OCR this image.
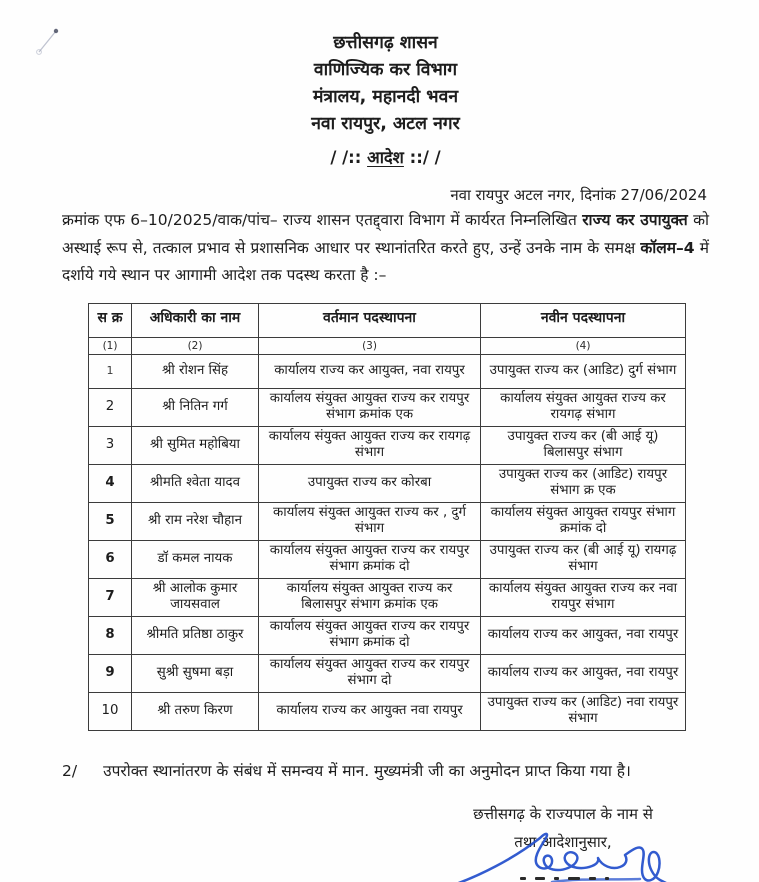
छत्तीसगढ़ शासन
वाणिज्यिक कर विभाग
मंत्रालय, महानदी भवन
नवा रायपुर, अटल नगर
/ /:: आदेश ::/ /
नवा रायपुर अटल नगर, दिनांक 27/06/2024
क्रमांक एफ 6–10/2025/वाक/पांच– राज्य शासन एतद्द्वारा विभाग में कार्यरत निम्नलिखित राज्य कर उपायुक्त को अस्थाई रूप से, तत्काल प्रभाव से प्रशासनिक आधार पर स्थानांतरित करते हुए, उन्हें उनके नाम के समक्ष कॉलम–4 में दर्शाये गये स्थान पर आगामी आदेश तक पदस्थ करता है :–
स क्र	अधिकारी का नाम	वर्तमान पदस्थापना	नवीन पदस्थापना
(1)	(2)	(3)	(4)
1	श्री रोशन सिंह	कार्यालय राज्य कर आयुक्त, नवा रायपुर	उपायुक्त राज्य कर (आडिट) दुर्ग संभाग
2	श्री नितिन गर्ग	कार्यालय संयुक्त आयुक्त राज्य कर रायपुर संभाग क्रमांक एक	कार्यालय संयुक्त आयुक्त राज्य कर रायगढ़ संभाग
3	श्री सुमित महोबिया	कार्यालय संयुक्त आयुक्त राज्य कर रायगढ़ संभाग	उपायुक्त राज्य कर (बी आई यू) बिलासपुर संभाग
4	श्रीमति श्वेता यादव	उपायुक्त राज्य कर कोरबा	उपायुक्त राज्य कर (आडिट) रायपुर संभाग क्र एक
5	श्री राम नरेश चौहान	कार्यालय संयुक्त आयुक्त राज्य कर , दुर्ग संभाग	कार्यालय संयुक्त आयुक्त रायपुर संभाग क्रमांक दो
6	डॉ कमल नायक	कार्यालय संयुक्त आयुक्त राज्य कर रायपुर संभाग क्रमांक दो	उपायुक्त राज्य कर (बी आई यू) रायगढ़ संभाग
7	श्री आलोक कुमार जायसवाल	कार्यालय संयुक्त आयुक्त राज्य कर बिलासपुर संभाग क्रमांक एक	कार्यालय संयुक्त आयुक्त राज्य कर नवा रायपुर संभाग
8	श्रीमति प्रतिष्ठा ठाकुर	कार्यालय संयुक्त आयुक्त राज्य कर रायपुर संभाग क्रमांक दो	कार्यालय राज्य कर आयुक्त, नवा रायपुर
9	सुश्री सुषमा बड़ा	कार्यालय संयुक्त आयुक्त राज्य कर रायपुर संभाग दो	कार्यालय राज्य कर आयुक्त, नवा रायपुर
10	श्री तरुण किरण	कार्यालय राज्य कर आयुक्त नवा रायपुर	उपायुक्त राज्य कर (आडिट) नवा रायपुर संभाग
2/ उपरोक्त स्थानांतरण के संबंध में समन्वय में मान. मुख्यमंत्री जी का अनुमोदन प्राप्त किया गया है।
छत्तीसगढ़ के राज्यपाल के नाम से
तथा आदेशानुसार,
